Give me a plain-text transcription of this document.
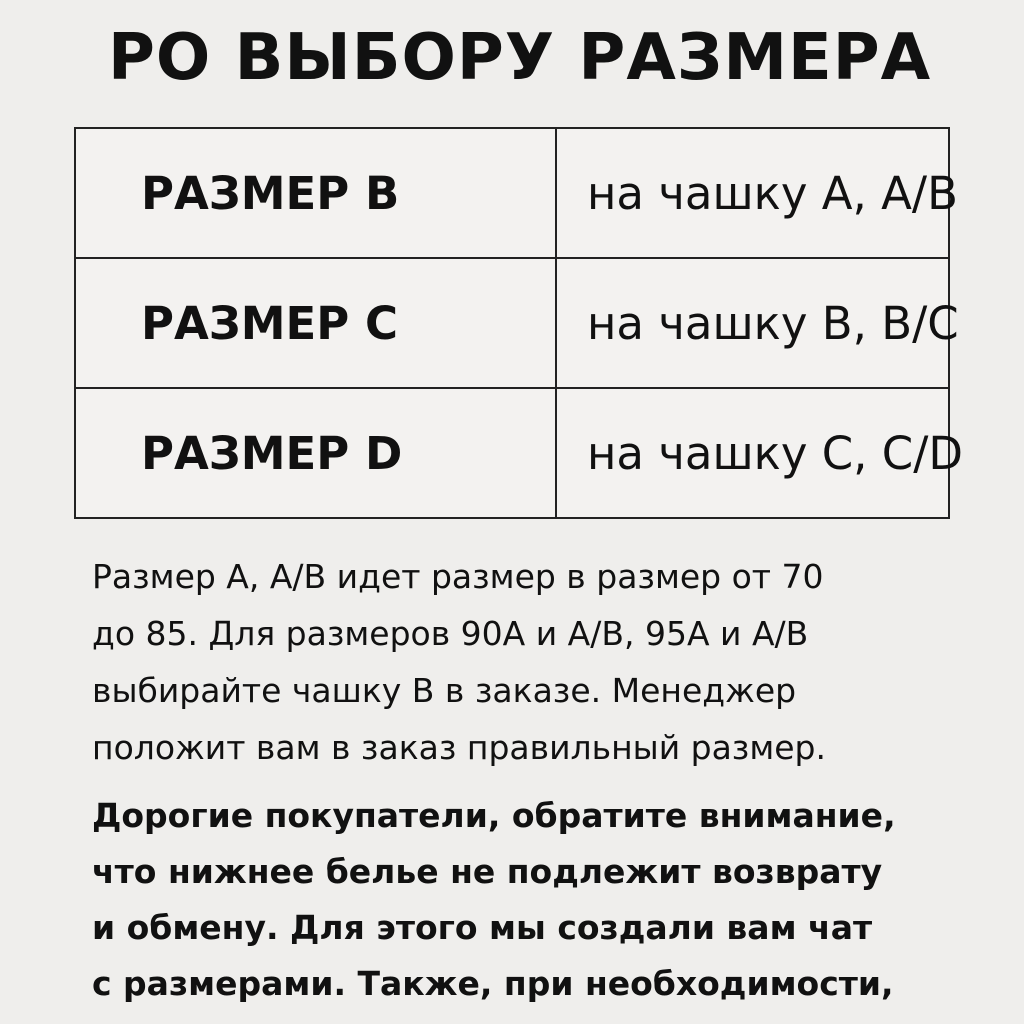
РО ВЫБОРУ РАЗМЕРА
РАЗМЕР B	на чашку А, А/В
РАЗМЕР C	на чашку В, В/С
РАЗМЕР D	на чашку С, С/D

Размер А, А/В идет размер в размер от 70
до 85. Для размеров 90А и А/В, 95А и А/В
выбирайте чашку В в заказе. Менеджер
положит вам в заказ правильный размер.

Дорогие покупатели, обратите внимание,
что нижнее белье не подлежит возврату
и обмену. Для этого мы создали вам чат
с размерами. Также, при необходимости,
